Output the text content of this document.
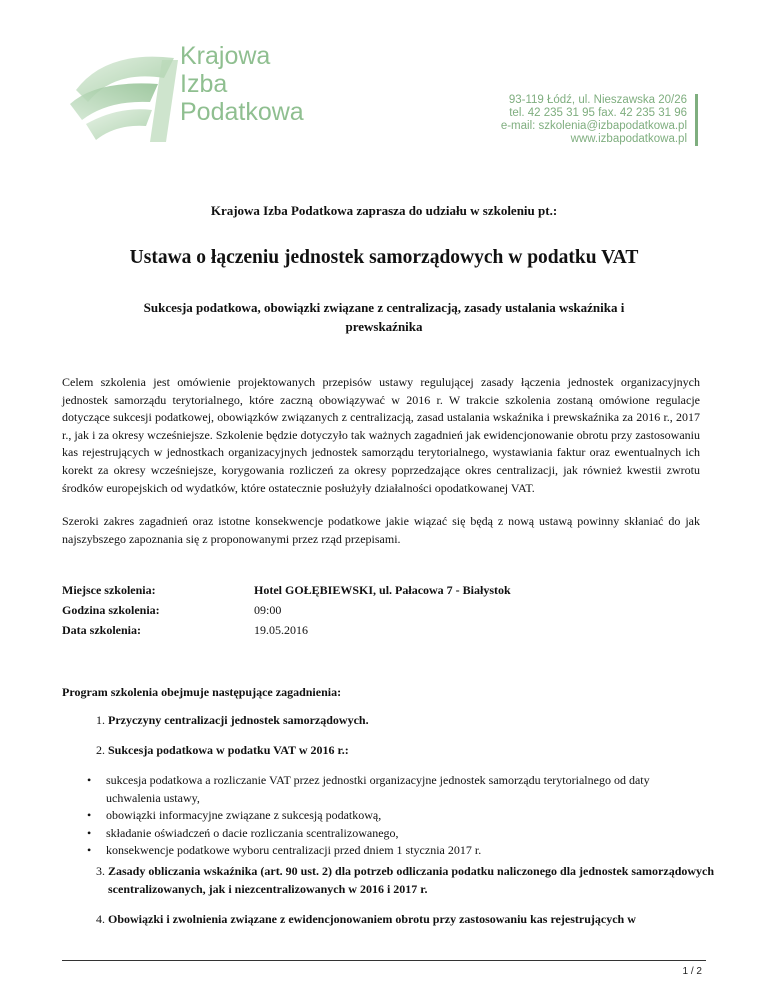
Krajowa
Izba
Podatkowa	93-119 Łódź, ul. Nieszawska 20/26
tel. 42 235 31 95 fax. 42 235 31 96
e-mail: szkolenia@izbapodatkowa.pl
www.izbapodatkowa.pl
Krajowa Izba Podatkowa zaprasza do udziału w szkoleniu pt.:
Ustawa o łączeniu jednostek samorządowych w podatku VAT
Sukcesja podatkowa, obowiązki związane z centralizacją, zasady ustalania wskaźnika i prewskaźnika
Celem szkolenia jest omówienie projektowanych przepisów ustawy regulującej zasady łączenia jednostek organizacyjnych jednostek samorządu terytorialnego, które zaczną obowiązywać w 2016 r. W trakcie szkolenia zostaną omówione regulacje dotyczące sukcesji podatkowej, obowiązków związanych z centralizacją, zasad ustalania wskaźnika i prewskaźnika za 2016 r., 2017 r., jak i za okresy wcześniejsze. Szkolenie będzie dotyczyło tak ważnych zagadnień jak ewidencjonowanie obrotu przy zastosowaniu kas rejestrujących w jednostkach organizacyjnych jednostek samorządu terytorialnego, wystawiania faktur oraz ewentualnych ich korekt za okresy wcześniejsze, korygowania rozliczeń za okresy poprzedzające okres centralizacji, jak również kwestii zwrotu środków europejskich od wydatków, które ostatecznie posłużyły działalności opodatkowanej VAT.
Szeroki zakres zagadnień oraz istotne konsekwencje podatkowe jakie wiązać się będą z nową ustawą powinny skłaniać do jak najszybszego zapoznania się z proponowanymi przez rząd przepisami.
Miejsce szkolenia:	Hotel GOŁĘBIEWSKI, ul. Pałacowa 7 - Białystok
Godzina szkolenia:	09:00
Data szkolenia:	19.05.2016
Program szkolenia obejmuje następujące zagadnienia:
1. Przyczyny centralizacji jednostek samorządowych.
2. Sukcesja podatkowa w podatku VAT w 2016 r.:
• sukcesja podatkowa a rozliczanie VAT przez jednostki organizacyjne jednostek samorządu terytorialnego od daty uchwalenia ustawy,
• obowiązki informacyjne związane z sukcesją podatkową,
• składanie oświadczeń o dacie rozliczania scentralizowanego,
• konsekwencje podatkowe wyboru centralizacji przed dniem 1 stycznia 2017 r.
3. Zasady obliczania wskaźnika (art. 90 ust. 2) dla potrzeb odliczania podatku naliczonego dla jednostek samorządowych scentralizowanych, jak i niezcentralizowanych w 2016 i 2017 r.
4. Obowiązki i zwolnienia związane z ewidencjonowaniem obrotu przy zastosowaniu kas rejestrujących w
1 / 2
